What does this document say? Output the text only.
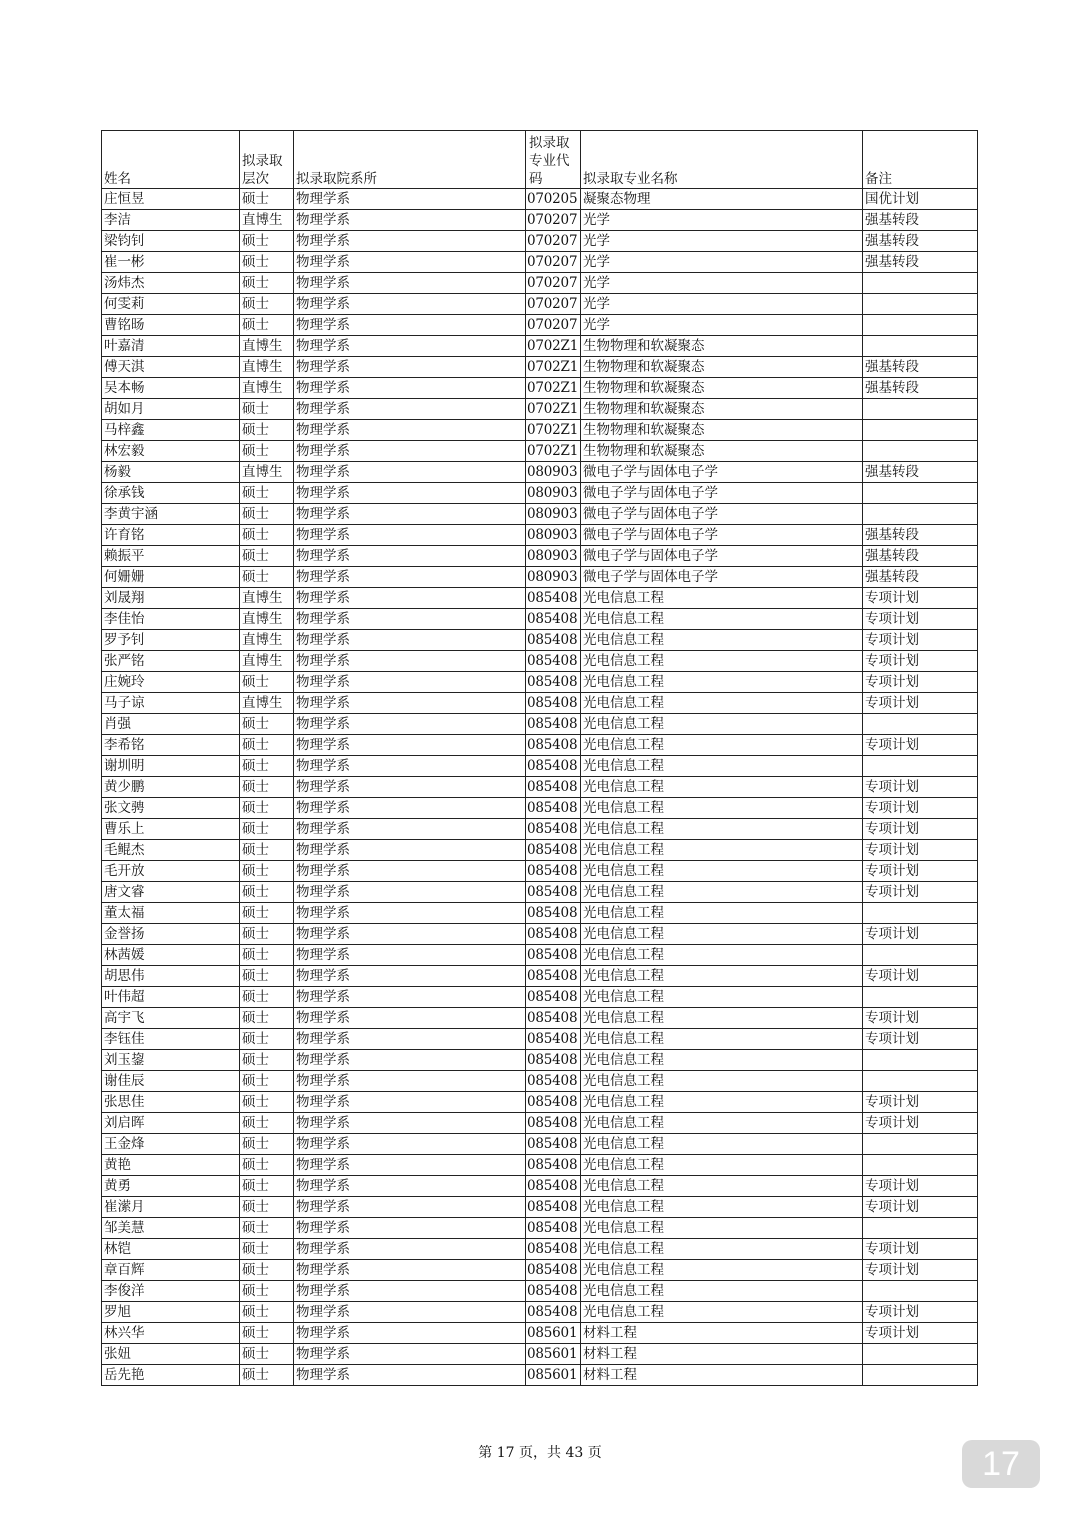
姓名	拟录取层次	拟录取院系所	拟录取专业代码	拟录取专业名称	备注
庄恒昱	硕士	物理学系	070205	凝聚态物理	国优计划
李洁	直博生	物理学系	070207	光学	强基转段
梁钧钊	硕士	物理学系	070207	光学	强基转段
崔一彬	硕士	物理学系	070207	光学	强基转段
汤炜杰	硕士	物理学系	070207	光学	
何雯莉	硕士	物理学系	070207	光学	
曹铭旸	硕士	物理学系	070207	光学	
叶嘉清	直博生	物理学系	0702Z1	生物物理和软凝聚态	
傅天淇	直博生	物理学系	0702Z1	生物物理和软凝聚态	强基转段
吴本畅	直博生	物理学系	0702Z1	生物物理和软凝聚态	强基转段
胡如月	硕士	物理学系	0702Z1	生物物理和软凝聚态	
马梓鑫	硕士	物理学系	0702Z1	生物物理和软凝聚态	
林宏毅	硕士	物理学系	0702Z1	生物物理和软凝聚态	
杨毅	直博生	物理学系	080903	微电子学与固体电子学	强基转段
徐承钱	硕士	物理学系	080903	微电子学与固体电子学	
李黄宇涵	硕士	物理学系	080903	微电子学与固体电子学	
许育铭	硕士	物理学系	080903	微电子学与固体电子学	强基转段
赖振平	硕士	物理学系	080903	微电子学与固体电子学	强基转段
何姗姗	硕士	物理学系	080903	微电子学与固体电子学	强基转段
刘晟翔	直博生	物理学系	085408	光电信息工程	专项计划
李佳怡	直博生	物理学系	085408	光电信息工程	专项计划
罗予钊	直博生	物理学系	085408	光电信息工程	专项计划
张严铭	直博生	物理学系	085408	光电信息工程	专项计划
庄婉玲	硕士	物理学系	085408	光电信息工程	专项计划
马子谅	直博生	物理学系	085408	光电信息工程	专项计划
肖强	硕士	物理学系	085408	光电信息工程	
李希铭	硕士	物理学系	085408	光电信息工程	专项计划
谢圳明	硕士	物理学系	085408	光电信息工程	
黄少鹏	硕士	物理学系	085408	光电信息工程	专项计划
张文骋	硕士	物理学系	085408	光电信息工程	专项计划
曹乐上	硕士	物理学系	085408	光电信息工程	专项计划
毛鲲杰	硕士	物理学系	085408	光电信息工程	专项计划
毛开放	硕士	物理学系	085408	光电信息工程	专项计划
唐文睿	硕士	物理学系	085408	光电信息工程	专项计划
董太福	硕士	物理学系	085408	光电信息工程	
金誉扬	硕士	物理学系	085408	光电信息工程	专项计划
林茜媛	硕士	物理学系	085408	光电信息工程	
胡思伟	硕士	物理学系	085408	光电信息工程	专项计划
叶伟超	硕士	物理学系	085408	光电信息工程	
高宇飞	硕士	物理学系	085408	光电信息工程	专项计划
李钰佳	硕士	物理学系	085408	光电信息工程	专项计划
刘玉鋆	硕士	物理学系	085408	光电信息工程	
谢佳辰	硕士	物理学系	085408	光电信息工程	
张思佳	硕士	物理学系	085408	光电信息工程	专项计划
刘启晖	硕士	物理学系	085408	光电信息工程	专项计划
王金烽	硕士	物理学系	085408	光电信息工程	
黄艳	硕士	物理学系	085408	光电信息工程	
黄勇	硕士	物理学系	085408	光电信息工程	专项计划
崔潆月	硕士	物理学系	085408	光电信息工程	专项计划
邹美慧	硕士	物理学系	085408	光电信息工程	
林铠	硕士	物理学系	085408	光电信息工程	专项计划
章百辉	硕士	物理学系	085408	光电信息工程	专项计划
李俊洋	硕士	物理学系	085408	光电信息工程	
罗旭	硕士	物理学系	085408	光电信息工程	专项计划
林兴华	硕士	物理学系	085601	材料工程	专项计划
张妞	硕士	物理学系	085601	材料工程	
岳先艳	硕士	物理学系	085601	材料工程	
第 17 页，共 43 页	17
